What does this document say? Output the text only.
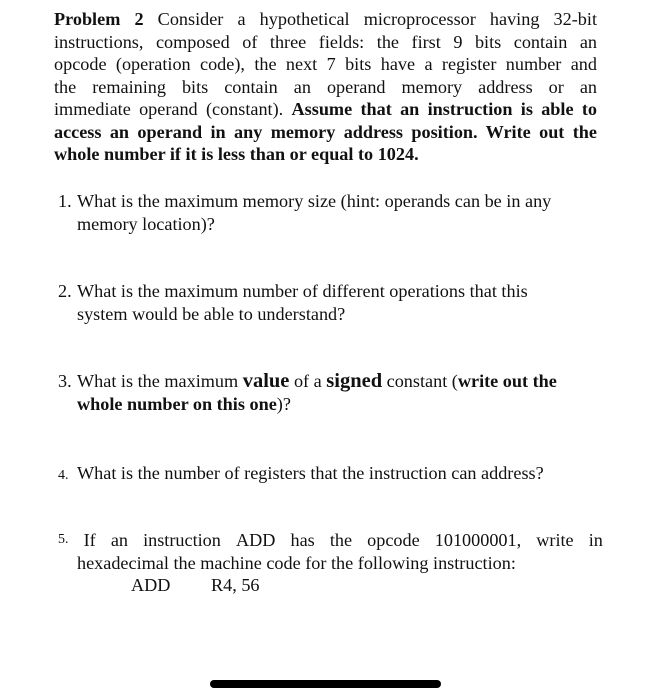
Problem 2 Consider a hypothetical microprocessor having 32-bit
instructions, composed of three fields: the first 9 bits contain an
opcode (operation code), the next 7 bits have a register number and
the remaining bits contain an operand memory address or an
immediate operand (constant). Assume that an instruction is able to
access an operand in any memory address position. Write out the
whole number if it is less than or equal to 1024.
1. What is the maximum memory size (hint: operands can be in any
memory location)?
2. What is the maximum number of different operations that this
system would be able to understand?
3. What is the maximum value of a signed constant (write out the
whole number on this one)?
4. What is the number of registers that the instruction can address?
5. If an instruction ADD has the opcode 101000001, write in
hexadecimal the machine code for the following instruction:
ADD R4, 56
